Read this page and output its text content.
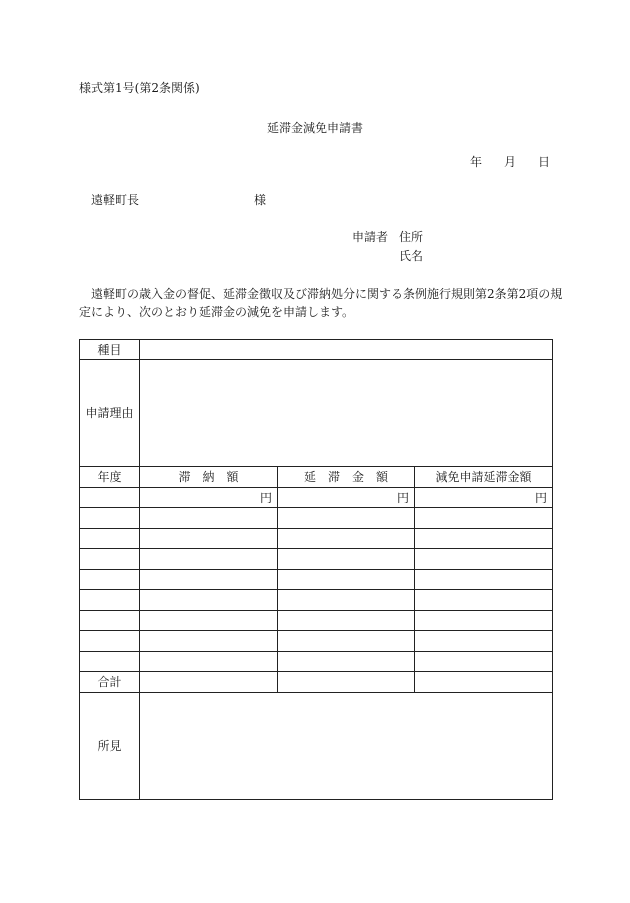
様式第1号(第2条関係)
延滞金減免申請書
年 月 日
遠軽町長	様
申請者 住所
氏名
遠軽町の歳入金の督促、延滞金徴収及び滞納処分に関する条例施行規則第2条第2項の規
定により、次のとおり延滞金の減免を申請します。
種目			
申請理由			
年度	滞　納　額	延　滞　金　額	減免申請延滞金額
	円	円	円

合計			
所見			
